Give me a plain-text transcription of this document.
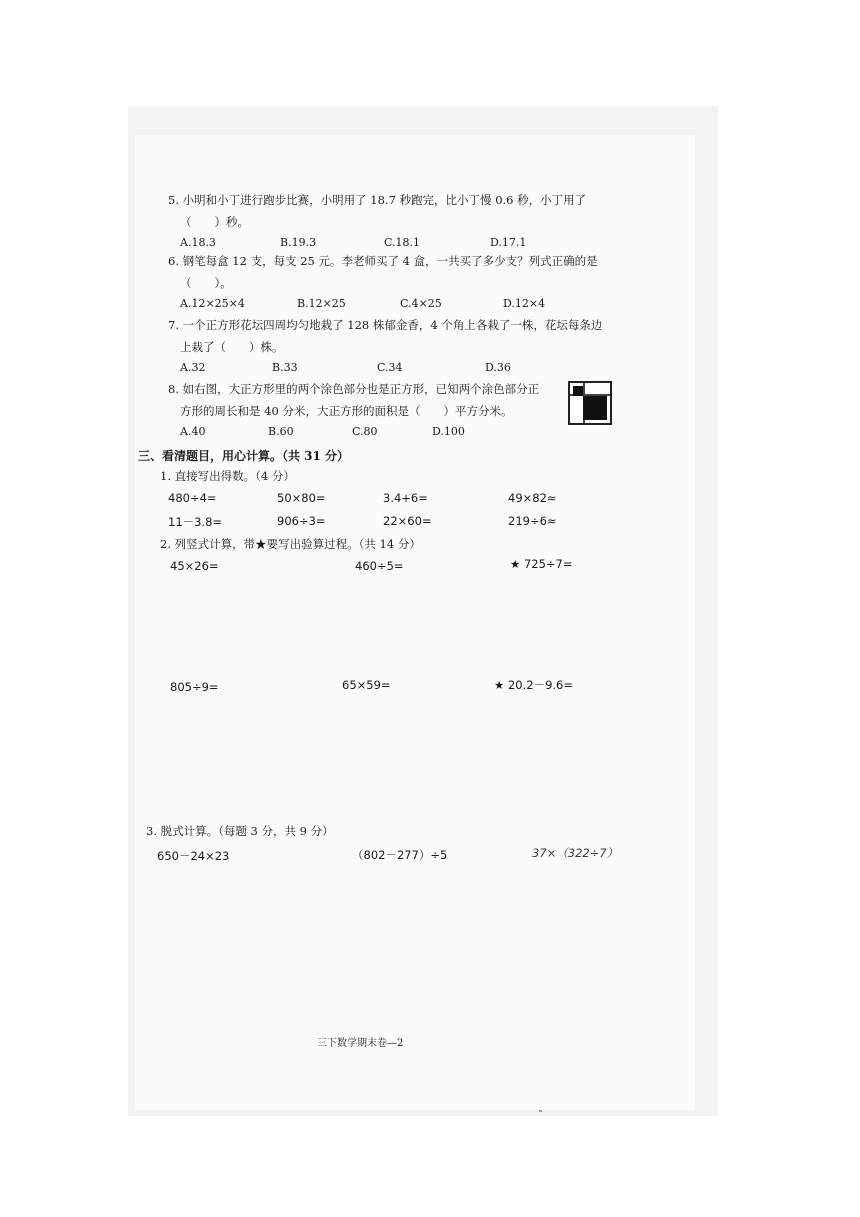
5. 小明和小丁进行跑步比赛，小明用了 18.7 秒跑完，比小丁慢 0.6 秒，小丁用了
（　　）秒。
A.18.3	B.19.3	C.18.1	D.17.1
6. 钢笔每盒 12 支，每支 25 元。李老师买了 4 盒，一共买了多少支？列式正确的是
（　　）。
A.12×25×4	B.12×25	C.4×25	D.12×4
7. 一个正方形花坛四周均匀地栽了 128 株郁金香，4 个角上各栽了一株，花坛每条边
上栽了（　　）株。
A.32	B.33	C.34	D.36
8. 如右图，大正方形里的两个涂色部分也是正方形，已知两个涂色部分正
方形的周长和是 40 分米，大正方形的面积是（　　）平方分米。
A.40	B.60	C.80	D.100
三、看清题目，用心计算。（共 31 分）
1. 直接写出得数。（4 分）
480÷4=	50×80=	3.4+6=	49×82≈
11－3.8=	906÷3=	22×60=	219÷6≈
2. 列竖式计算，带★要写出验算过程。（共 14 分）
45×26=	460÷5=	★ 725÷7=
805÷9=	65×59=	★ 20.2－9.6=
3. 脱式计算。（每题 3 分，共 9 分）
650－24×23	（802－277）÷5	37×（322÷7）
三下数学期末卷—2
